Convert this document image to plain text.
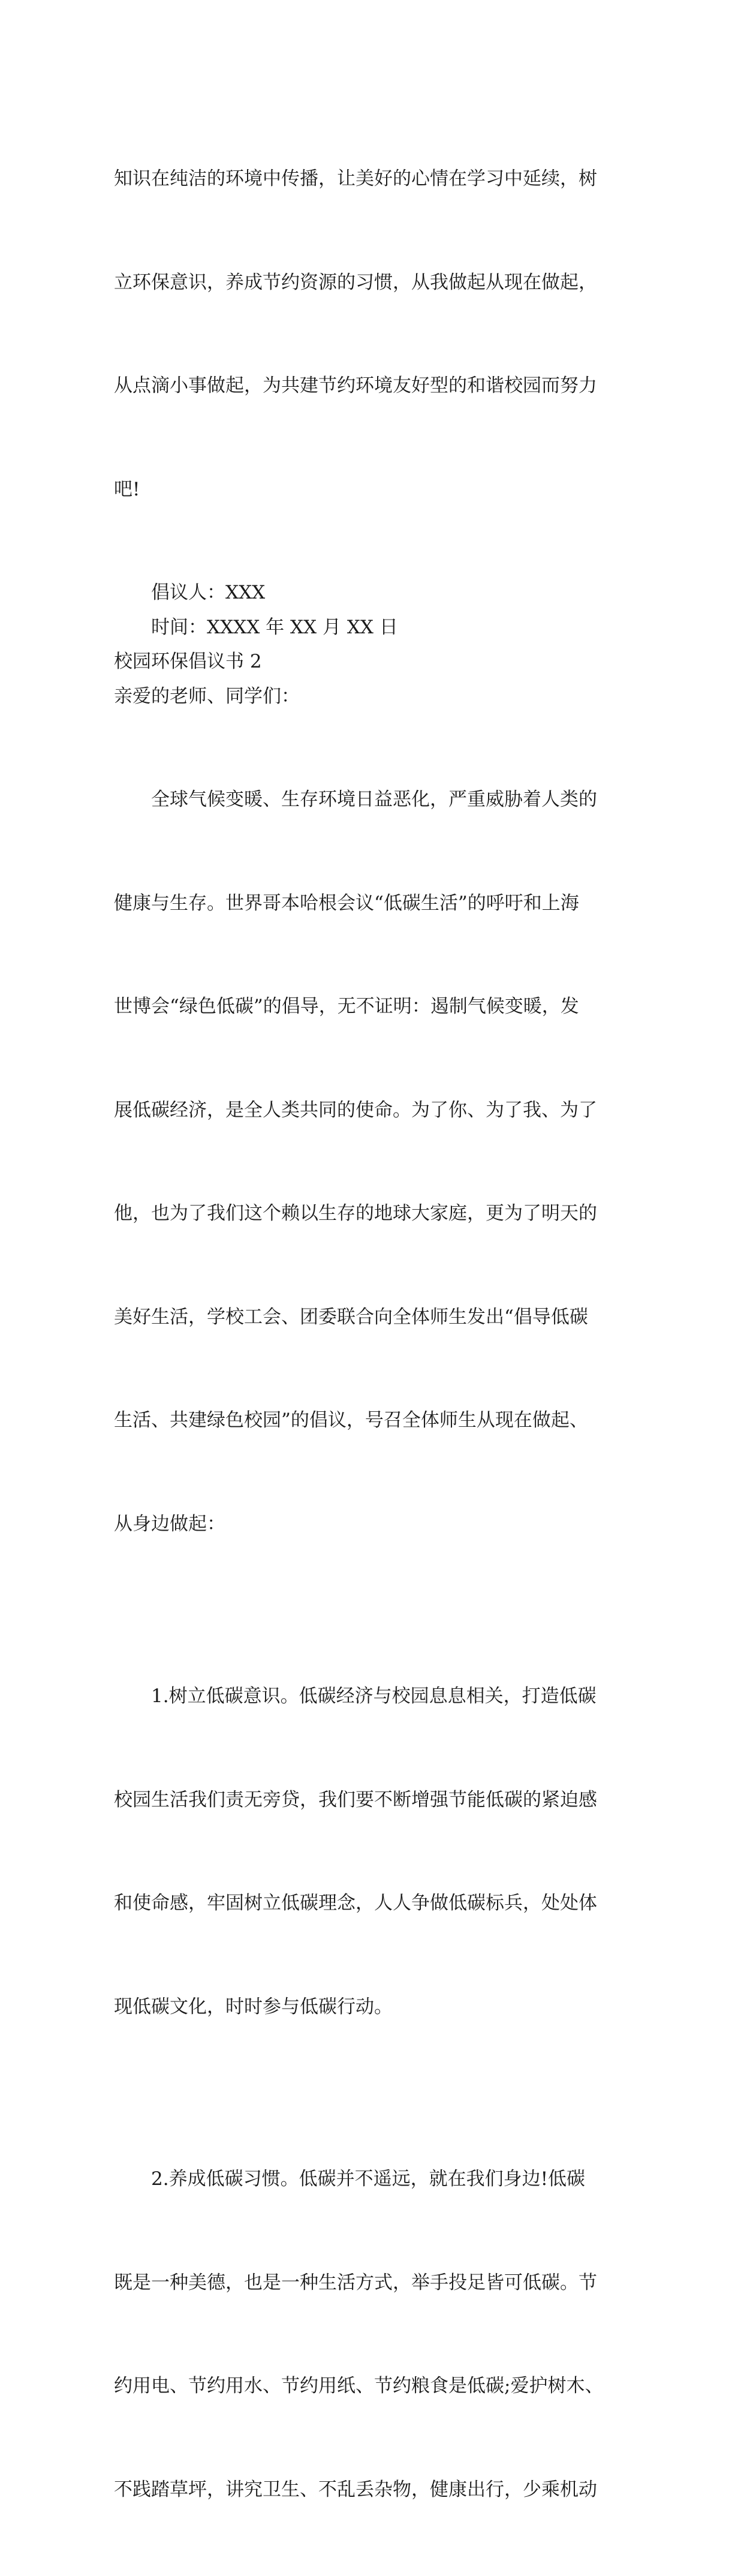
知识在纯洁的环境中传播，让美好的心情在学习中延续，树

立环保意识，养成节约资源的习惯，从我做起从现在做起，

从点滴小事做起，为共建节约环境友好型的和谐校园而努力

吧!

倡议人：XXX
时间：XXXX 年 XX 月 XX 日
校园环保倡议书 2
亲爱的老师、同学们：

全球气候变暖、生存环境日益恶化，严重威胁着人类的

健康与生存。世界哥本哈根会议“低碳生活”的呼吁和上海

世博会“绿色低碳”的倡导，无不证明：遏制气候变暖，发

展低碳经济，是全人类共同的使命。为了你、为了我、为了

他，也为了我们这个赖以生存的地球大家庭，更为了明天的

美好生活，学校工会、团委联合向全体师生发出“倡导低碳

生活、共建绿色校园”的倡议，号召全体师生从现在做起、

从身边做起：

1.树立低碳意识。低碳经济与校园息息相关，打造低碳

校园生活我们责无旁贷，我们要不断增强节能低碳的紧迫感

和使命感，牢固树立低碳理念，人人争做低碳标兵，处处体

现低碳文化，时时参与低碳行动。

2.养成低碳习惯。低碳并不遥远，就在我们身边!低碳

既是一种美德，也是一种生活方式，举手投足皆可低碳。节

约用电、节约用水、节约用纸、节约粮食是低碳;爱护树木、

不践踏草坪，讲究卫生、不乱丢杂物，健康出行，少乘机动
